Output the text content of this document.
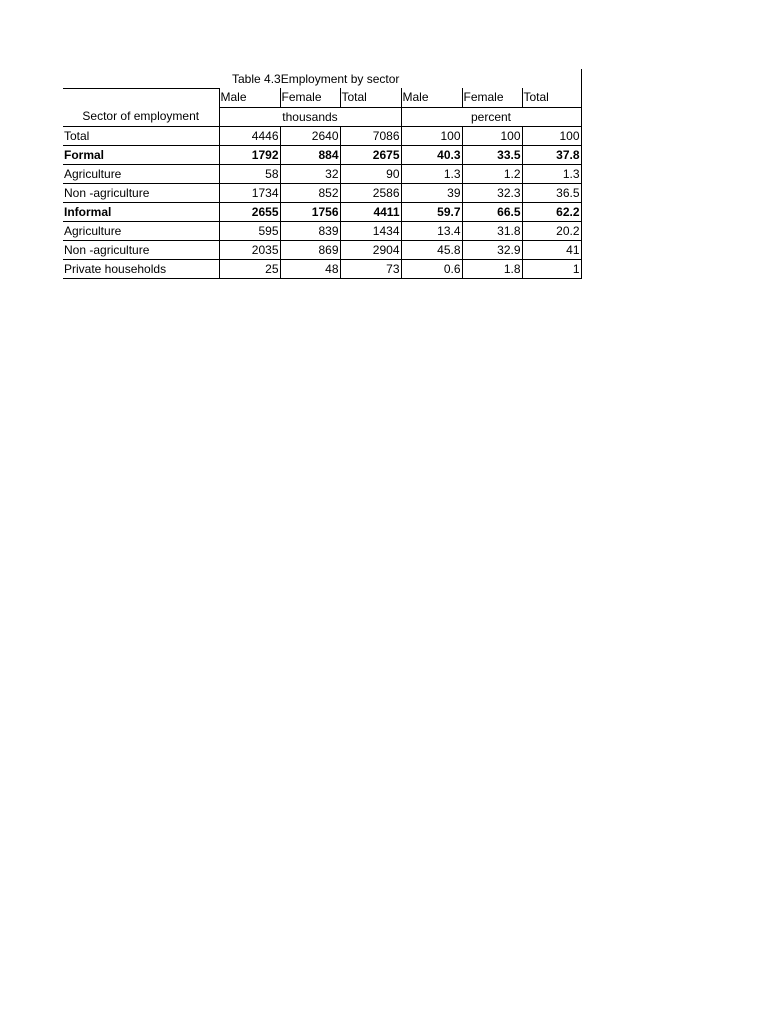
	Table 4.3Employment by sector					
	Male	Female	Total	Male	Female	Total
Sector of employment	thousands			percent		
Total	4446	2640	7086	100	100	100
Formal	1792	884	2675	40.3	33.5	37.8
Agriculture	58	32	90	1.3	1.2	1.3
Non -agriculture	1734	852	2586	39	32.3	36.5
Informal	2655	1756	4411	59.7	66.5	62.2
Agriculture	595	839	1434	13.4	31.8	20.2
Non -agriculture	2035	869	2904	45.8	32.9	41
Private households	25	48	73	0.6	1.8	1
